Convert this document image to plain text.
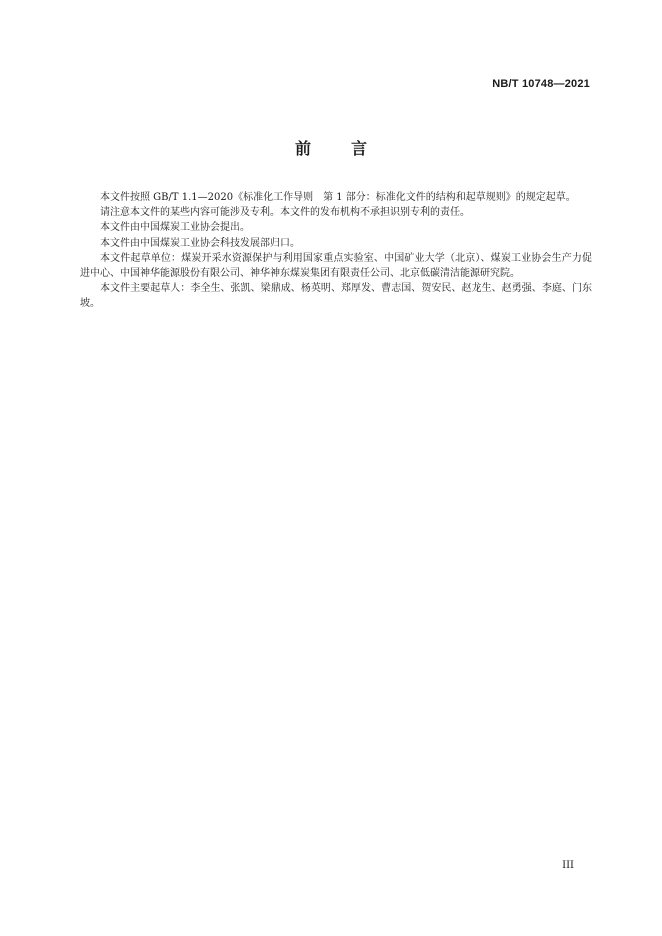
NB/T 10748—2021
前	言

本文件按照 GB/T 1.1—2020《标准化工作导则　第 1 部分：标准化文件的结构和起草规则》的规定起草。

请注意本文件的某些内容可能涉及专利。本文件的发布机构不承担识别专利的责任。

本文件由中国煤炭工业协会提出。

本文件由中国煤炭工业协会科技发展部归口。

本文件起草单位：煤炭开采水资源保护与利用国家重点实验室、中国矿业大学（北京）、煤炭工业协会生产力促进中心、中国神华能源股份有限公司、神华神东煤炭集团有限责任公司、北京低碳清洁能源研究院。

本文件主要起草人：李全生、张凯、梁鼎成、杨英明、郑厚发、曹志国、贺安民、赵龙生、赵勇强、李庭、门东坡。

III
